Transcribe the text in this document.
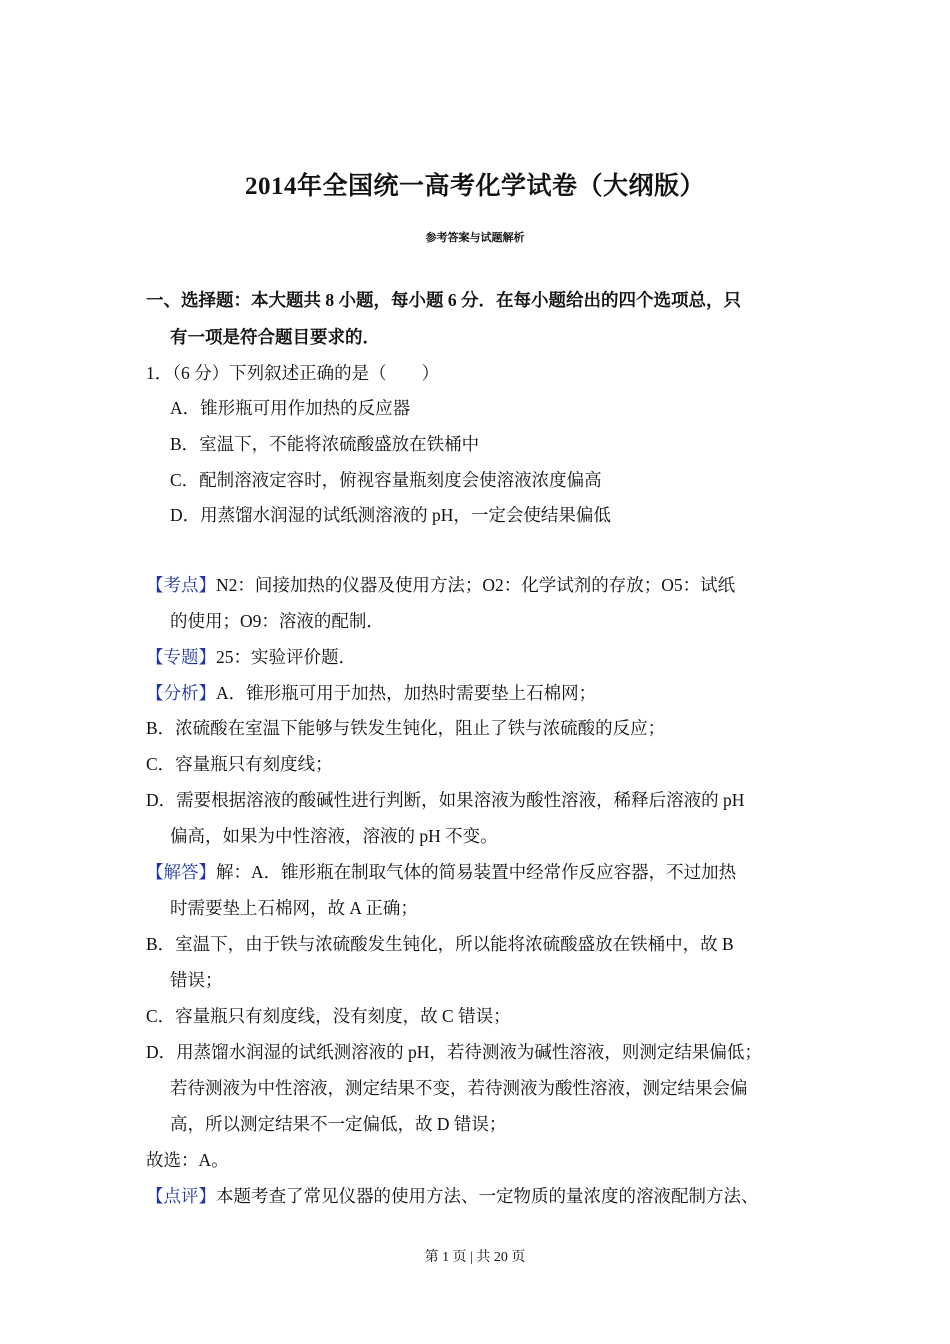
2014年全国统一高考化学试卷（大纲版）
参考答案与试题解析
一、选择题：本大题共 8 小题，每小题 6 分．在每小题给出的四个选项总，只
有一项是符合题目要求的．
1．（6 分）下列叙述正确的是（　　）
A．锥形瓶可用作加热的反应器
B．室温下，不能将浓硫酸盛放在铁桶中
C．配制溶液定容时，俯视容量瓶刻度会使溶液浓度偏高
D．用蒸馏水润湿的试纸测溶液的 pH，一定会使结果偏低
【考点】N2：间接加热的仪器及使用方法；O2：化学试剂的存放；O5：试纸
的使用；O9：溶液的配制．
【专题】25：实验评价题．
【分析】A．锥形瓶可用于加热，加热时需要垫上石棉网；
B．浓硫酸在室温下能够与铁发生钝化，阻止了铁与浓硫酸的反应；
C．容量瓶只有刻度线；
D．需要根据溶液的酸碱性进行判断，如果溶液为酸性溶液，稀释后溶液的 pH
偏高，如果为中性溶液，溶液的 pH 不变。
【解答】解：A．锥形瓶在制取气体的简易装置中经常作反应容器，不过加热
时需要垫上石棉网，故 A 正确；
B．室温下，由于铁与浓硫酸发生钝化，所以能将浓硫酸盛放在铁桶中，故 B
错误；
C．容量瓶只有刻度线，没有刻度，故 C 错误；
D．用蒸馏水润湿的试纸测溶液的 pH，若待测液为碱性溶液，则测定结果偏低；
若待测液为中性溶液，测定结果不变，若待测液为酸性溶液，测定结果会偏
高，所以测定结果不一定偏低，故 D 错误；
故选：A。
【点评】本题考查了常见仪器的使用方法、一定物质的量浓度的溶液配制方法、
第 1 页 | 共 20 页
